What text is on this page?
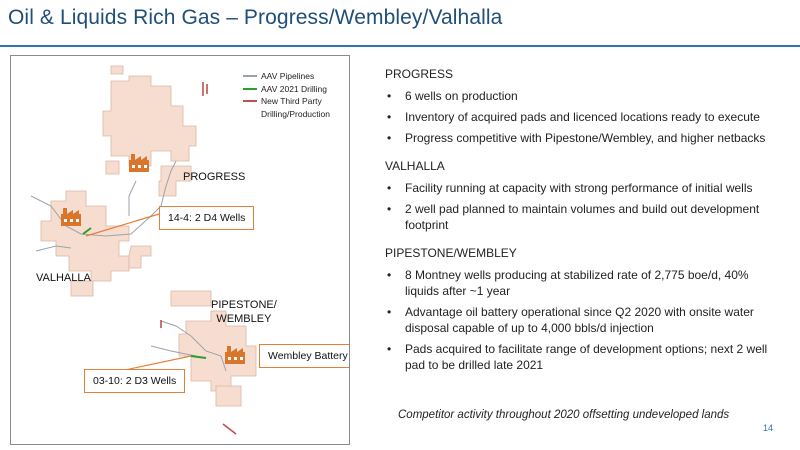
Oil & Liquids Rich Gas – Progress/Wembley/Valhalla
AAV Pipelines
AAV 2021 Drilling
New Third Party Drilling/Production
PROGRESS
VALHALLA
PIPESTONE/
WEMBLEY
14-4: 2 D4 Wells
Wembley Battery
03-10: 2 D3 Wells
PROGRESS
• 6 wells on production
• Inventory of acquired pads and licenced locations ready to execute
• Progress competitive with Pipestone/Wembley, and higher netbacks
VALHALLA
• Facility running at capacity with strong performance of initial wells
• 2 well pad planned to maintain volumes and build out development footprint
PIPESTONE/WEMBLEY
• 8 Montney wells producing at stabilized rate of 2,775 boe/d, 40% liquids after ~1 year
• Advantage oil battery operational since Q2 2020 with onsite water disposal capable of up to 4,000 bbls/d injection
• Pads acquired to facilitate range of development options; next 2 well pad to be drilled late 2021
Competitor activity throughout 2020 offsetting undeveloped lands
14
